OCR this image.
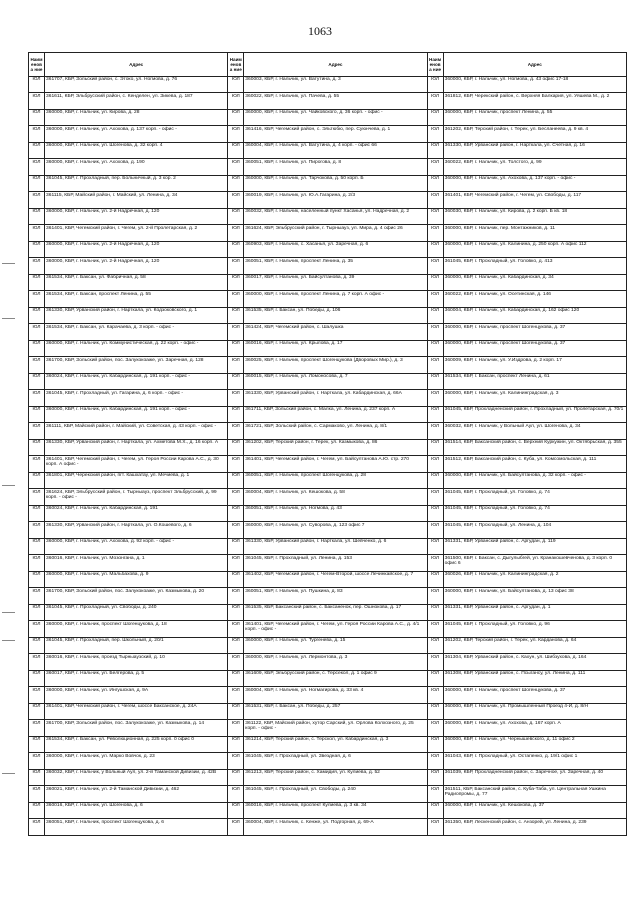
1063
Наим енова ние	Адрес	Наим енова ние	Адрес	Наим енова ние	Адрес
ЮЛ	361707, КБР, Зольский район, с. Этоко, ул. Ногмова, д. 76	ЮЛ	360003, КБР, г. Нальчик, ул. Ватутина, д. 3	ЮЛ	360000, КБР, г. Нальчик, ул. Ногмова, д. 43 офис 17-18
ЮЛ	361611, КБР, Эльбрусский район, с. Кенделен, ул. Зикева, д. 187	ЮЛ	360022, КБР, г. Нальчик, ул. Пачева, д. 55	ЮЛ	361812, КБР, Черекский район, с. Верхняя Балкария, ул. Уяшева М., д. 2
ЮЛ	360000, КБР, г. Нальчик, ул. Кирова, д. 28	ЮЛ	360000, КБР, г. Нальчик, ул. Чайковского, д. 36 корп. - офис -	ЮЛ	360000, КБР, г. Нальчик, проспект Ленина, д. 55
ЮЛ	360000, КБР, г. Нальчик, ул. Ахохова, д. 137 корп. - офис -	ЮЛ	361416, КБР, Чегемский район, с. Эльтюбю, пер. Суюнчева, д. 1	ЮЛ	361202, КБР, Терский район, г. Терек, ул. Бесланеева, д. 9 кв. 4
ЮЛ	360000, КБР, г. Нальчик, ул. Шогенова, д. 32 корп. 4	ЮЛ	360004, КБР, г. Нальчик, ул. Ватутина, д. 4 корп. - офис 66	ЮЛ	361330, КБР, Урванский район, г. Нарткала, ул. Счетная, д. 16
ЮЛ	360000, КБР, г. Нальчик, ул. Ахохова, д. 190	ЮЛ	360051, КБР, г. Нальчик, ул. Пирогова, д. 8	ЮЛ	360022, КБР, г. Нальчик, ул. Толстого, д. 99
ЮЛ	361045, КБР, г. Прохладный, пер. Больничный, д. 3 кор. 2	ЮЛ	360000, КБР, г. Нальчик, ул. Тарчокова, д. 50 корп. Б	ЮЛ	360000, КБР, г. Нальчик, ул. Ахохова, д. 137 корп. - офис -
ЮЛ	361115, КБР, Майский район, г. Майский, ул. Ленина, д. 34	ЮЛ	360019, КБР, г. Нальчик, ул. Ю.А.Гагарина, д. 2/3	ЮЛ	361401, КБР, Чегемский район, г. Чегем, ул. Свободы, д. 117
ЮЛ	360000, КБР, г. Нальчик, ул. 2-й Надречная, д. 120	ЮЛ	360032, КБР, г. Нальчик, населенный пункт Хасанья, ул. Надречная, д. 2	ЮЛ	360030, КБР, г. Нальчик, ул. Кирова, д. 2 корп. Б кв. 18
ЮЛ	361401, КБР, Чегемский район, г. Чегем, ул. 2-й Пролетарская, д. 2	ЮЛ	361624, КБР, Эльбрусский район, г. Тырныауз, ул. Мира, д. 4 офис 26	ЮЛ	360000, КБР, г. Нальчик, пер. Монтажников, д. 11
ЮЛ	360000, КБР, г. Нальчик, ул. 2-й Надречная, д. 120	ЮЛ	360903, КБР, г. Нальчик, с. Хасанья, ул. Заречная, д. 6	ЮЛ	360000, КБР, г. Нальчик, ул. Калинина, д. 250 корп. А офис 112
ЮЛ	360000, КБР, г. Нальчик, ул. 2-й Надречная, д. 120	ЮЛ	360051, КБР, г. Нальчик, проспект Ленина, д. 35	ЮЛ	361045, КБР, г. Прохладный, ул. Головко, д. 413
ЮЛ	361534, КБР, г. Баксан, ул. Фабричная, д. 58	ЮЛ	360017, КБР, г. Нальчик, ул. Байсултанова, д. 39	ЮЛ	360000, КБР, г. Нальчик, ул. Кабардинская, д. 34
ЮЛ	361534, КБР, г. Баксан, проспект Ленина, д. 55	ЮЛ	360000, КБР, г. Нальчик, проспект Ленина, д. 7 корп. А офис -	ЮЛ	360022, КБР, г. Нальчик, ул. Осетинская, д. 146
ЮЛ	361330, КБР, Урванский район, г. Нарткала, ул. Кодзоковского, д. 1	ЮЛ	361535, КБР, г. Баксан, ул. Победы, д. 106	ЮЛ	360004, КБР, г. Нальчик, ул. Кабардинская, д. 162 офис 120
ЮЛ	361534, КБР, г. Баксан, ул. Карачаева, д. 3 корп. - офис -	ЮЛ	361424, КБР, Чегемский район, с. Шалушка	ЮЛ	360000, КБР, г. Нальчик, проспект Шогенцукова, д. 37
ЮЛ	360000, КБР, г. Нальчик, ул. Коммунистическая, д. 22 корп. - офис -	ЮЛ	360016, КБР, г. Нальчик, ул. Крылова, д. 17	ЮЛ	360000, КБР, г. Нальчик, проспект Шогенцукова, д. 37
ЮЛ	361700, КБР, Зольский район, пос. Залукокоаже, ул. Заречная, д. 128	ЮЛ	360025, КБР, г. Нальчик, проспект Шогенцукова (Дворовых Мир.), д. 3	ЮЛ	360009, КБР, г. Нальчик, ул. У.Издрова, д. 2 корп. 17
ЮЛ	360024, КБР, г. Нальчик, ул. Кабардинская, д. 191 корп. - офис -	ЮЛ	360015, КБР, г. Нальчик, ул. Ломоносова, д. 7	ЮЛ	361534, КБР, г. Баксан, проспект Ленина, д. 61
ЮЛ	361045, КБР, г. Прохладный, ул. Гагарина, д. 6 корп. - офис -	ЮЛ	361330, КБР, Урванский район, г. Нарткала, ул. Кабардинская, д. 66А	ЮЛ	360000, КБР, г. Нальчик, ул. Калининградская, д. 3
ЮЛ	360000, КБР, г. Нальчик, ул. Кабардинская, д. 191 корп. - офис -	ЮЛ	361711, КБР, Зольский район, с. Малка, ул. Ленина, д. 237 корп. А	ЮЛ	361045, КБР, Прохладненский район, г. Прохладный, ул. Пролетарская, д. 70/1
ЮЛ	361111, КБР, Майский район, г. Майский, ул. Советская, д. 43 корп. - офис -	ЮЛ	361721, КБР, Зольский район, с. Сармаково, ул. Ленина, д. 8/1	ЮЛ	360032, КБР, г. Нальчик, у Вольный Аул, ул. Шогенова, д. 34
ЮЛ	361330, КБР, Урванский район, г. Нарткала, ул. Ахметова М.Х., д. 16 корп. А	ЮЛ	361202, КБР, Терский район, г. Терек, ул. Казмыкова, д. 86	ЮЛ	361514, КБР, Баксанский район, с. Верхний Куркужин, ул. Октябрьская, д. 355
ЮЛ	361401, КБР, Чегемский район, г. Чегем, ул. Героя России Карова А.С., д. 30 корп. А офис -	ЮЛ	361401, КБР, Чегемский район, г. Чегем, ул. Байсултанова А.Ю. стр. 270	ЮЛ	361512, КБР, Баксанский район, с. Куба, ул. Комсомольская, д. 111
ЮЛ	361801, КБР, Черекский район, пгт. Кашхатау, ул. Мечиева, д. 1	ЮЛ	360051, КБР, г. Нальчик, проспект Шогенцукова, д. 28	ЮЛ	360000, КБР, г. Нальчик, ул. Байсултанова, д. 32 корп. - офис -
ЮЛ	361624, КБР, Эльбрусский район, г. Тырныауз, проспект Эльбрусский, д. 99 корп. - офис -	ЮЛ	360004, КБР, г. Нальчик, ул. Кешокова, д. 58	ЮЛ	361045, КБР, г. Прохладный, ул. Головко, д. 74
ЮЛ	360024, КБР, г. Нальчик, ул. Кабардинская, д. 191	ЮЛ	360051, КБР, г. Нальчик, ул. Ногмова, д. 43	ЮЛ	361045, КБР, г. Прохладный, ул. Головко, д. 74
ЮЛ	361330, КБР, Урванский район, г. Нарткала, ул. О.Кошевого, д. 6	ЮЛ	360000, КБР, г. Нальчик, ул. Суворова, д. 123 офис 7	ЮЛ	361045, КБР, г. Прохладный, ул. Ленина, д. 104
ЮЛ	360000, КБР, г. Нальчик, ул. Ахохова, д. 92 корп. - офис -	ЮЛ	361330, КБР, Урванский район, г. Нарткала, ул. Шевченко, д. 6	ЮЛ	361331, КБР, Урванский район, с. Аргудан, д. 119
ЮЛ	360016, КБР, г. Нальчик, ул. Мозонгана, д. 1	ЮЛ	361045, КБР, г. Прохладный, ул. Ленина, д. 153	ЮЛ	361500, КБР, г. Баксан, с. Дыгулыбгей, ул. Кранакошевченова, д. 3 корп. 0 офис 6
ЮЛ	360000, КБР, г. Нальчик, ул. Мальбахова, д. 9	ЮЛ	361402, КБР, Чегемский район, г. Чегем-Второй, шоссе Лечинкайское, д. 7	ЮЛ	360026, КБР, г. Нальчик, ул. Калининградская, д. 2
ЮЛ	361700, КБР, Зольский район, пос. Залукокоаже, ул. Казмыкова, д. 20	ЮЛ	360051, КБР, г. Нальчик, ул. Пушкина, д. 83	ЮЛ	360000, КБР, г. Нальчик, ул. Байсултанова, д. 13 офис 38
ЮЛ	361045, КБР, г. Прохладный, ул. Свободы, д. 240	ЮЛ	361535, КБР, Баксанский район, с. Баксаненок, пер. Ошнокова, д. 17	ЮЛ	361331, КБР, Урванский район, с. Аргудан, д. 1
ЮЛ	360000, КБР, г. Нальчик, проспект Шогенцукова, д. 18	ЮЛ	361401, КБР, Чегемский район, г. Чегем, ул. Героя России Карова А.С., д. 4/1 корп. - офис -	ЮЛ	361045, КБР, г. Прохладный, ул. Головко, д. 96
ЮЛ	361045, КБР, г. Прохладный, пер. Школьный, д. 20/1	ЮЛ	360000, КБР, г. Нальчик, ул. Тургенева, д. 15	ЮЛ	361202, КБР, Терский район, г. Терек, ул. Карданова, д. 64
ЮЛ	360016, КБР, г. Нальчик, проезд Тырныаузский, д. 10	ЮЛ	360000, КБР, г. Нальчик, ул. Лермонтова, д. 3	ЮЛ	361304, КБР, Урванский район, с. Кахун, ул. Шибзухова, д. 164
ЮЛ	360017, КБР, г. Нальчик, ул. Белгерова, д. 5	ЮЛ	361609, КБР, Эльбрусский район, с. Терсекол, д. 1 офис 9	ЮЛ	361308, КБР, Урванский район, с. Псыгансу, ул. Ленина, д. 111
ЮЛ	360000, КБР, г. Нальчик, ул. Ингушская, д. 9А	ЮЛ	360004, КБР, г. Нальчик, ул. Ногмагирова, д. 33 кв. 4	ЮЛ	360000, КБР, г. Нальчик, проспект Шогенцукова, д. 37
ЮЛ	361401, КБР, Чегемский район, г. Чегем, шоссе Баксанское, д. 24А	ЮЛ	361531, КБР, г. Баксан, ул. Победы, д. 257	ЮЛ	360000, КБР, г. Нальчик, ул. Промышленный Проезд 4-Й, д. 8/Н
ЮЛ	361700, КБР, Зольский район, пос. Залукокоаже, ул. Казмыкова, д. 14	ЮЛ	361122, КБР, Майский район, хутор Сарский, ул. Орлова Колхозного, д. 25 корп. - офис -	ЮЛ	360000, КБР, г. Нальчик, ул. Ахохова, д. 167 корп. А
ЮЛ	361534, КБР, г. Баксан, ул. Революционная, д. 225 корп. 0 офис 0	ЮЛ	361214, КБР, Терский район, с. Терскол, ул. Кабардинская, д. 3	ЮЛ	360000, КБР, г. Нальчик, ул. Чернышевского, д. 11 офис 2
ЮЛ	360000, КБР, г. Нальчик, ул. Марко Вовчок, д. 23	ЮЛ	361045, КБР, г. Прохладный, ул. Звездная, д. 6	ЮЛ	361043, КБР, г. Прохладный, ул. Остапенко, д. 19/1 офис 1
ЮЛ	360032, КБР, г. Нальчик, у Вольный Аул, ул. 2-й Таманской Дивизии, д. 42В	ЮЛ	361213, КБР, Терский район, с. Хамидия, ул. Кулиева, д. 52	ЮЛ	361039, КБР, Прохладненский район, с. Заречное, ул. Заречная, д. 40
ЮЛ	360021, КБР, г. Нальчик, ул. 2-й Таманской Дивизии, д. 462	ЮЛ	361045, КБР, г. Прохладный, ул. Свободы, д. 240	ЮЛ	361511, КБР, Баксанский район, с. Куба-Таба, ул. Центральная Ушкина Радиопромы, д. 77
ЮЛ	360016, КБР, г. Нальчик, ул. Шогенова, д. 6	ЮЛ	360016, КБР, г. Нальчик, проспект Кулиева, д. 3 кв. 34	ЮЛ	360000, КБР, г. Нальчик, ул. Кешокова, д. 37
ЮЛ	360051, КБР, г. Нальчик, проспект Шогенцукова, д. 6	ЮЛ	360004, КБР, г. Нальчик, с. Кенже, ул. Подгорная, д. 69-А	ЮЛ	361350, КБР, Лескенский район, с. Анзорей, ул. Ленина, д. 239
